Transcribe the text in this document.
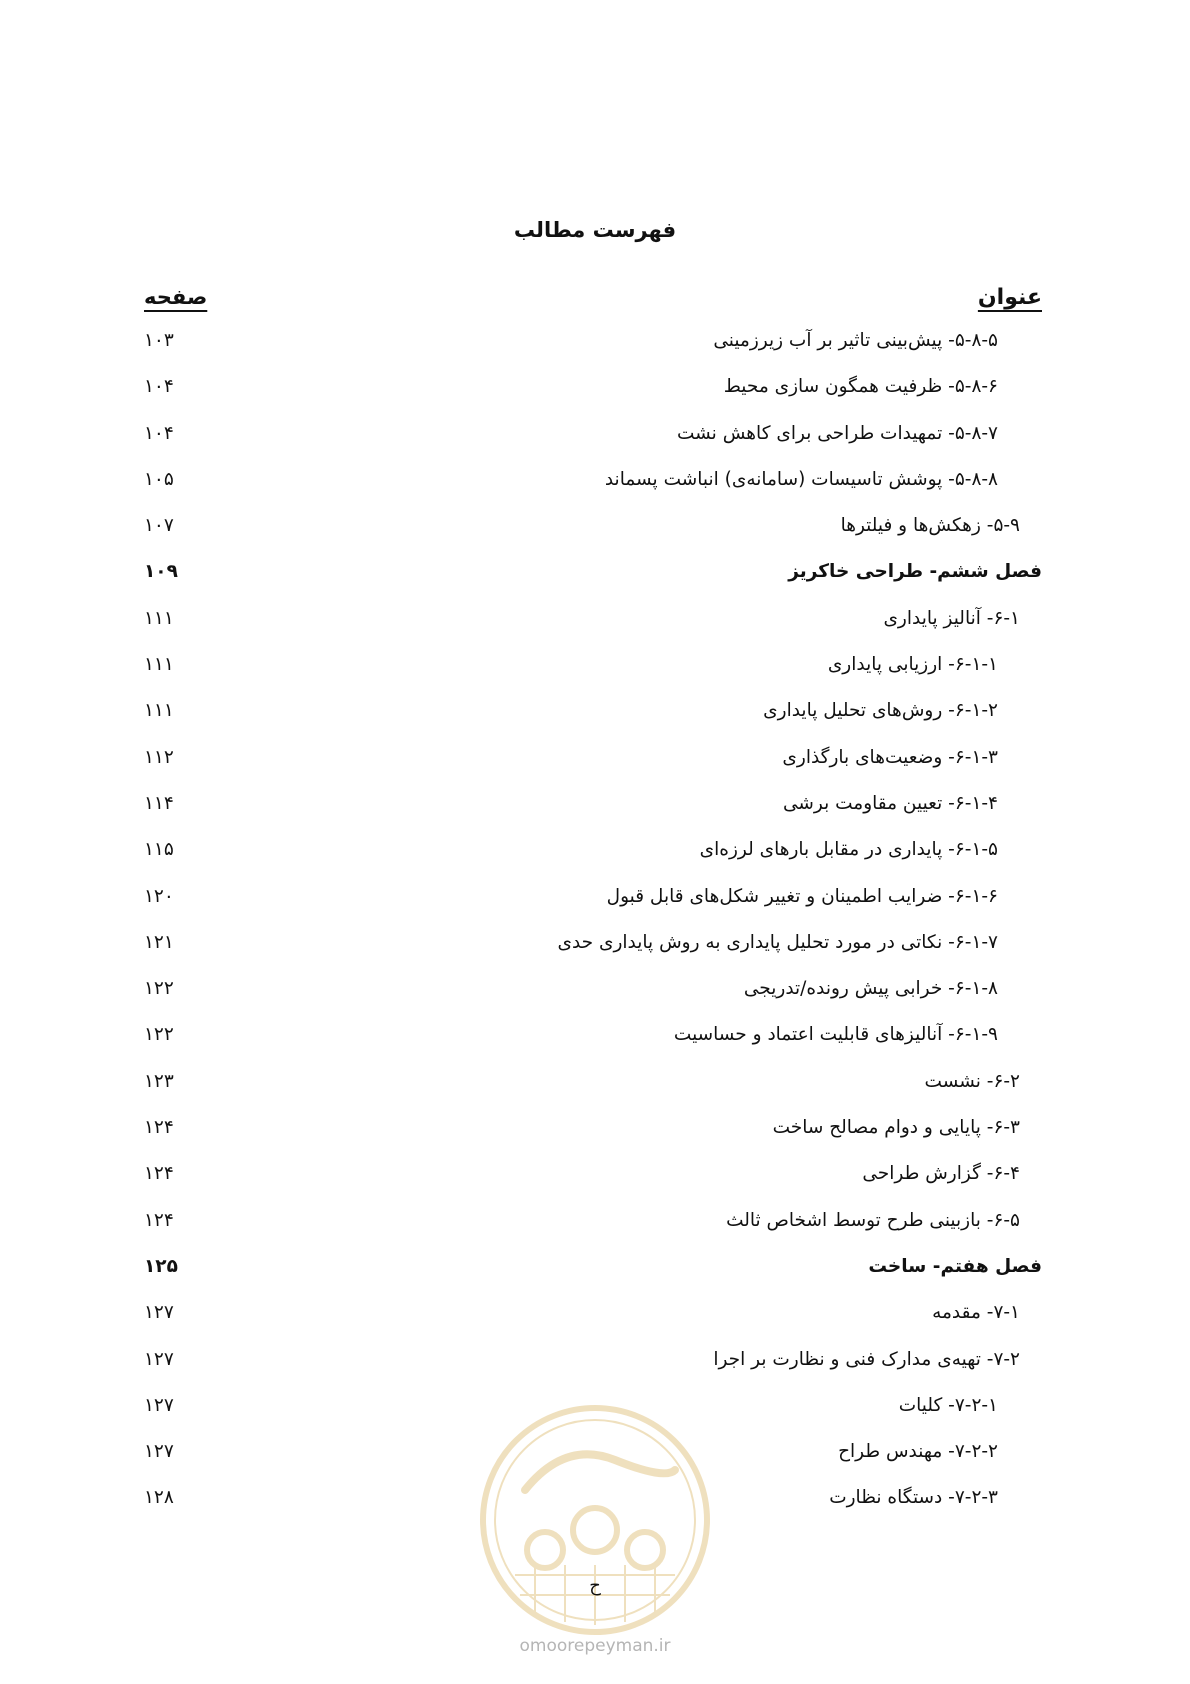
فهرست مطالب
عنوان
صفحه
۵-۸-۵- پیش‌بینی تاثیر بر آب زیرزمینی
۱۰۳
۵-۸-۶- ظرفیت همگون سازی محیط
۱۰۴
۵-۸-۷- تمهیدات طراحی برای کاهش نشت
۱۰۴
۵-۸-۸- پوشش تاسیسات (سامانه‌ی) انباشت پسماند
۱۰۵
۵-۹- زهکش‌ها و فیلترها
۱۰۷
فصل ششم- طراحی خاکریز
۱۰۹
۶-۱- آنالیز پایداری
۱۱۱
۶-۱-۱- ارزیابی پایداری
۱۱۱
۶-۱-۲- روش‌های تحلیل پایداری
۱۱۱
۶-۱-۳- وضعیت‌های بارگذاری
۱۱۲
۶-۱-۴- تعیین مقاومت برشی
۱۱۴
۶-۱-۵- پایداری در مقابل بارهای لرزه‌ای
۱۱۵
۶-۱-۶- ضرایب اطمینان و تغییر شکل‌های قابل قبول
۱۲۰
۶-۱-۷- نکاتی در مورد تحلیل پایداری به روش پایداری حدی
۱۲۱
۶-۱-۸- خرابی پیش رونده/تدریجی
۱۲۲
۶-۱-۹- آنالیزهای قابلیت اعتماد و حساسیت
۱۲۲
۶-۲- نشست
۱۲۳
۶-۳- پایایی و دوام مصالح ساخت
۱۲۴
۶-۴- گزارش طراحی
۱۲۴
۶-۵- بازبینی طرح توسط اشخاص ثالث
۱۲۴
فصل هفتم- ساخت
۱۲۵
۷-۱- مقدمه
۱۲۷
۷-۲- تهیه‌ی مدارک فنی و نظارت بر اجرا
۱۲۷
۷-۲-۱- کلیات
۱۲۷
۷-۲-۲- مهندس طراح
۱۲۷
۷-۲-۳- دستگاه نظارت
۱۲۸
ح
omoorepeyman.ir
